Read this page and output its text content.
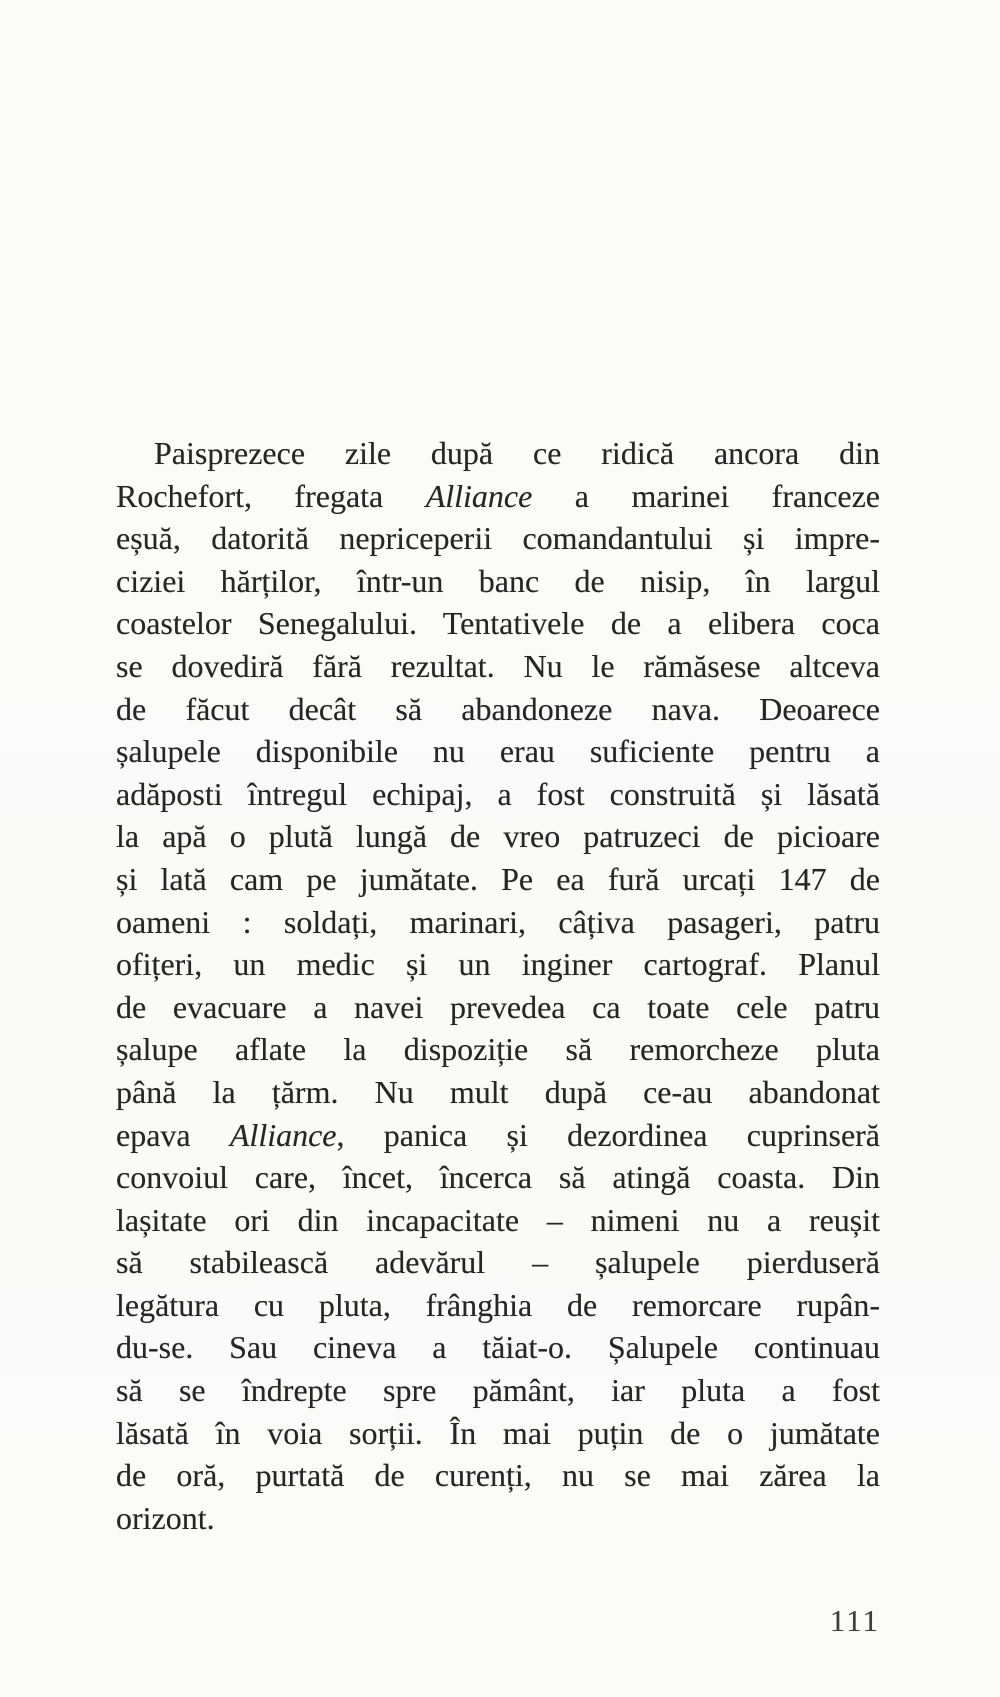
Paisprezece zile după ce ridică ancora din
Rochefort, fregata Alliance a marinei franceze
eșuă, datorită nepriceperii comandantului și impre-
ciziei hărților, într-un banc de nisip, în largul
coastelor Senegalului. Tentativele de a elibera coca
se dovediră fără rezultat. Nu le rămăsese altceva
de făcut decât să abandoneze nava. Deoarece
șalupele disponibile nu erau suficiente pentru a
adăposti întregul echipaj, a fost construită și lăsată
la apă o plută lungă de vreo patruzeci de picioare
și lată cam pe jumătate. Pe ea fură urcați 147 de
oameni : soldați, marinari, câțiva pasageri, patru
ofițeri, un medic și un inginer cartograf. Planul
de evacuare a navei prevedea ca toate cele patru
șalupe aflate la dispoziție să remorcheze pluta
până la țărm. Nu mult după ce-au abandonat
epava Alliance, panica și dezordinea cuprinseră
convoiul care, încet, încerca să atingă coasta. Din
lașitate ori din incapacitate – nimeni nu a reușit
să stabilească adevărul – șalupele pierduseră
legătura cu pluta, frânghia de remorcare rupân-
du-se. Sau cineva a tăiat-o. Șalupele continuau
să se îndrepte spre pământ, iar pluta a fost
lăsată în voia sorții. În mai puțin de o jumătate
de oră, purtată de curenți, nu se mai zărea la
orizont.
111
